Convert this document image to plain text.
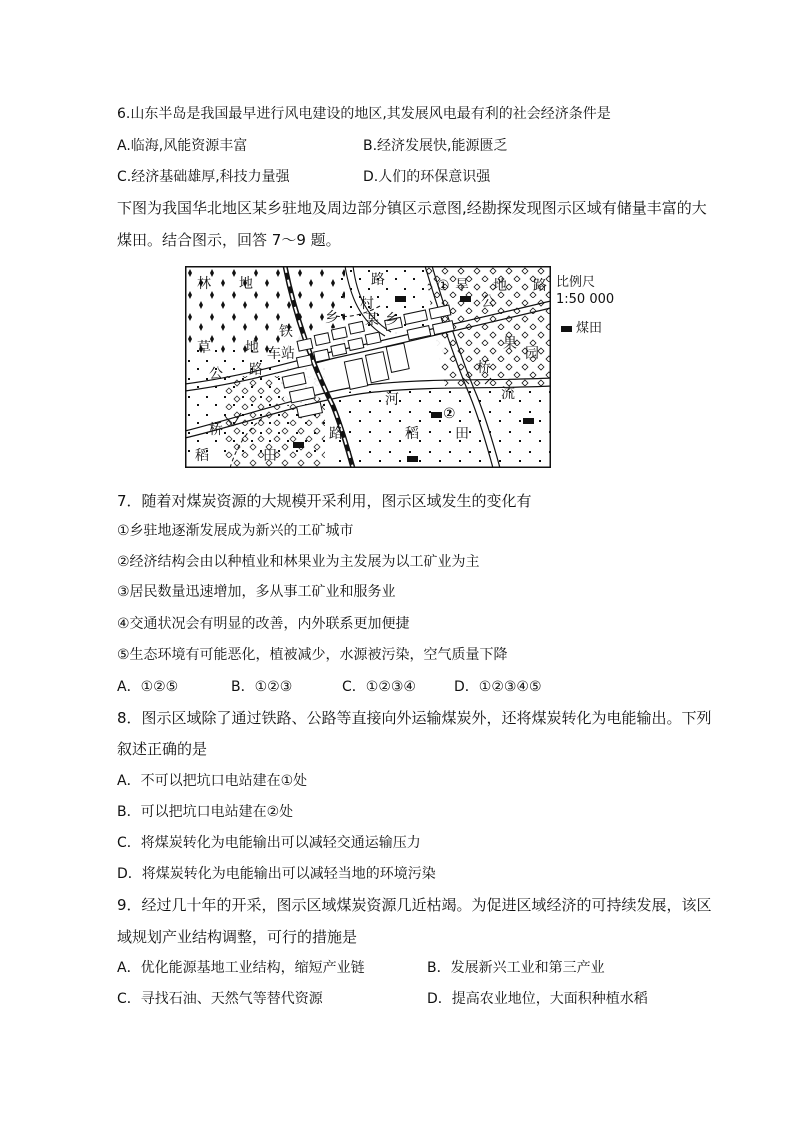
6.山东半岛是我国最早进行风电建设的地区,其发展风电最有利的社会经济条件是
A.临海,风能资源丰富	B.经济发展快,能源匮乏
C.经济基础雄厚,科技力量强	D.人们的环保意识强
下图为我国华北地区某乡驻地及周边部分镇区示意图,经勘探发现图示区域有储量丰富的大
煤田。结合图示，回答 7～9 题。
林 地	路
村
乡 某 乡
① 旱 地 路
公
铁
车站
草 地
公 路
果
园
桥
流
河
②
桥	路	稻	田
稻	田
比例尺
1:50 000
煤田
7．随着对煤炭资源的大规模开采利用，图示区域发生的变化有
①乡驻地逐渐发展成为新兴的工矿城市
②经济结构会由以种植业和林果业为主发展为以工矿业为主
③居民数量迅速增加，多从事工矿业和服务业
④交通状况会有明显的改善，内外联系更加便捷
⑤生态环境有可能恶化，植被减少，水源被污染，空气质量下降
A．①②⑤	B．①②③	C．①②③④	D．①②③④⑤
8．图示区域除了通过铁路、公路等直接向外运输煤炭外，还将煤炭转化为电能输出。下列
叙述正确的是
A．不可以把坑口电站建在①处
B．可以把坑口电站建在②处
C．将煤炭转化为电能输出可以减轻交通运输压力
D．将煤炭转化为电能输出可以减轻当地的环境污染
9．经过几十年的开采，图示区域煤炭资源几近枯竭。为促进区域经济的可持续发展，该区
域规划产业结构调整，可行的措施是
A．优化能源基地工业结构，缩短产业链	B．发展新兴工业和第三产业
C．寻找石油、天然气等替代资源	D．提高农业地位，大面积种植水稻
